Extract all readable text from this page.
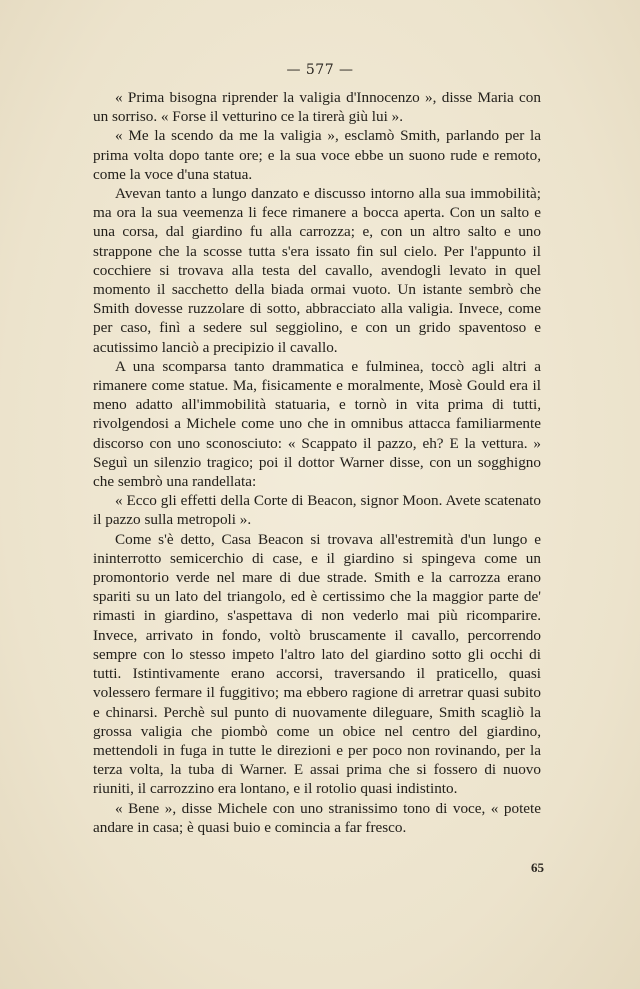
— 577 —

« Prima bisogna riprender la valigia d'Innocenzo », disse Maria con un sorriso. « Forse il vetturino ce la tirerà giù lui ».

« Me la scendo da me la valigia », esclamò Smith, parlando per la prima volta dopo tante ore; e la sua voce ebbe un suono rude e remoto, come la voce d'una statua.

Avevan tanto a lungo danzato e discusso intorno alla sua immobilità; ma ora la sua veemenza li fece rimanere a bocca aperta. Con un salto e una corsa, dal giardino fu alla carrozza; e, con un altro salto e uno strappone che la scosse tutta s'era issato fin sul cielo. Per l'appunto il cocchiere si trovava alla testa del cavallo, avendogli levato in quel momento il sacchetto della biada ormai vuoto. Un istante sembrò che Smith dovesse ruzzolare di sotto, abbracciato alla valigia. Invece, come per caso, finì a sedere sul seggiolino, e con un grido spaventoso e acutissimo lanciò a precipizio il cavallo.

A una scomparsa tanto drammatica e fulminea, toccò agli altri a rimanere come statue. Ma, fisicamente e moralmente, Mosè Gould era il meno adatto all'immobilità statuaria, e tornò in vita prima di tutti, rivolgendosi a Michele come uno che in omnibus attacca familiarmente discorso con uno sconosciuto: « Scappato il pazzo, eh? E la vettura. » Seguì un silenzio tragico; poi il dottor Warner disse, con un sogghigno che sembrò una randellata:

« Ecco gli effetti della Corte di Beacon, signor Moon. Avete scatenato il pazzo sulla metropoli ».

Come s'è detto, Casa Beacon si trovava all'estremità d'un lungo e ininterrotto semicerchio di case, e il giardino si spingeva come un promontorio verde nel mare di due strade. Smith e la carrozza erano spariti su un lato del triangolo, ed è certissimo che la maggior parte de' rimasti in giardino, s'aspettava di non vederlo mai più ricomparire. Invece, arrivato in fondo, voltò bruscamente il cavallo, percorrendo sempre con lo stesso impeto l'altro lato del giardino sotto gli occhi di tutti. Istintivamente erano accorsi, traversando il praticello, quasi volessero fermare il fuggitivo; ma ebbero ragione di arretrar quasi subito e chinarsi. Perchè sul punto di nuovamente dileguare, Smith scagliò la grossa valigia che piombò come un obice nel centro del giardino, mettendoli in fuga in tutte le direzioni e per poco non rovinando, per la terza volta, la tuba di Warner. E assai prima che si fossero di nuovo riuniti, il carrozzino era lontano, e il rotolio quasi indistinto.

« Bene », disse Michele con uno stranissimo tono di voce, « potete andare in casa; è quasi buio e comincia a far fresco.

65
